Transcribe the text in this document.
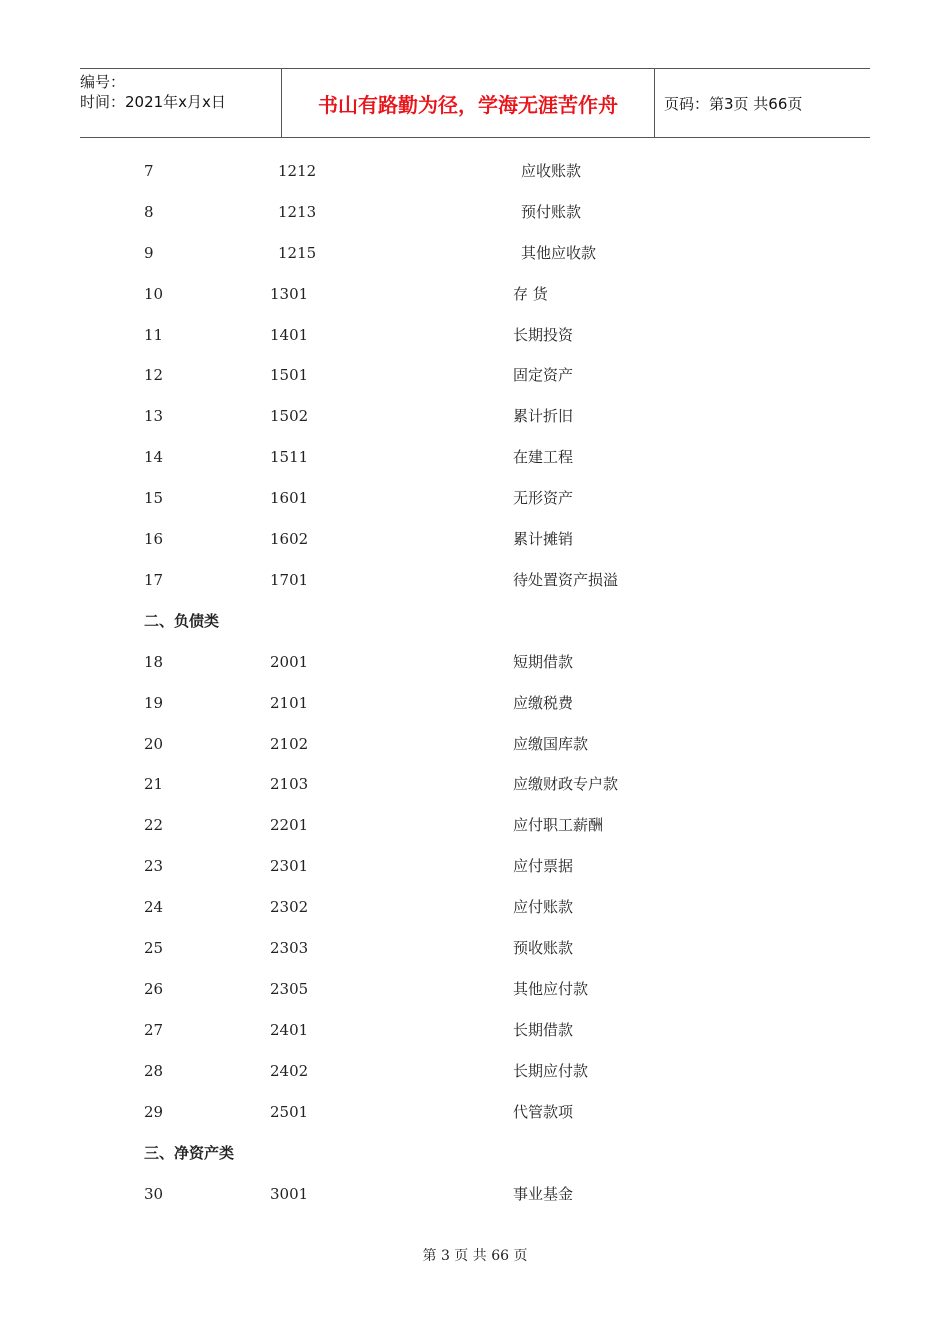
编号：
时间：2021年x月x日	书山有路勤为径，学海无涯苦作舟	页码：第3页 共66页
7	1212	应收账款
8	1213	预付账款
9	1215	其他应收款
10	1301	存 货
11	1401	长期投资
12	1501	固定资产
13	1502	累计折旧
14	1511	在建工程
15	1601	无形资产
16	1602	累计摊销
17	1701	待处置资产损溢
二、负债类
18	2001	短期借款
19	2101	应缴税费
20	2102	应缴国库款
21	2103	应缴财政专户款
22	2201	应付职工薪酬
23	2301	应付票据
24	2302	应付账款
25	2303	预收账款
26	2305	其他应付款
27	2401	长期借款
28	2402	长期应付款
29	2501	代管款项
三、净资产类
30	3001	事业基金
第 3 页 共 66 页
